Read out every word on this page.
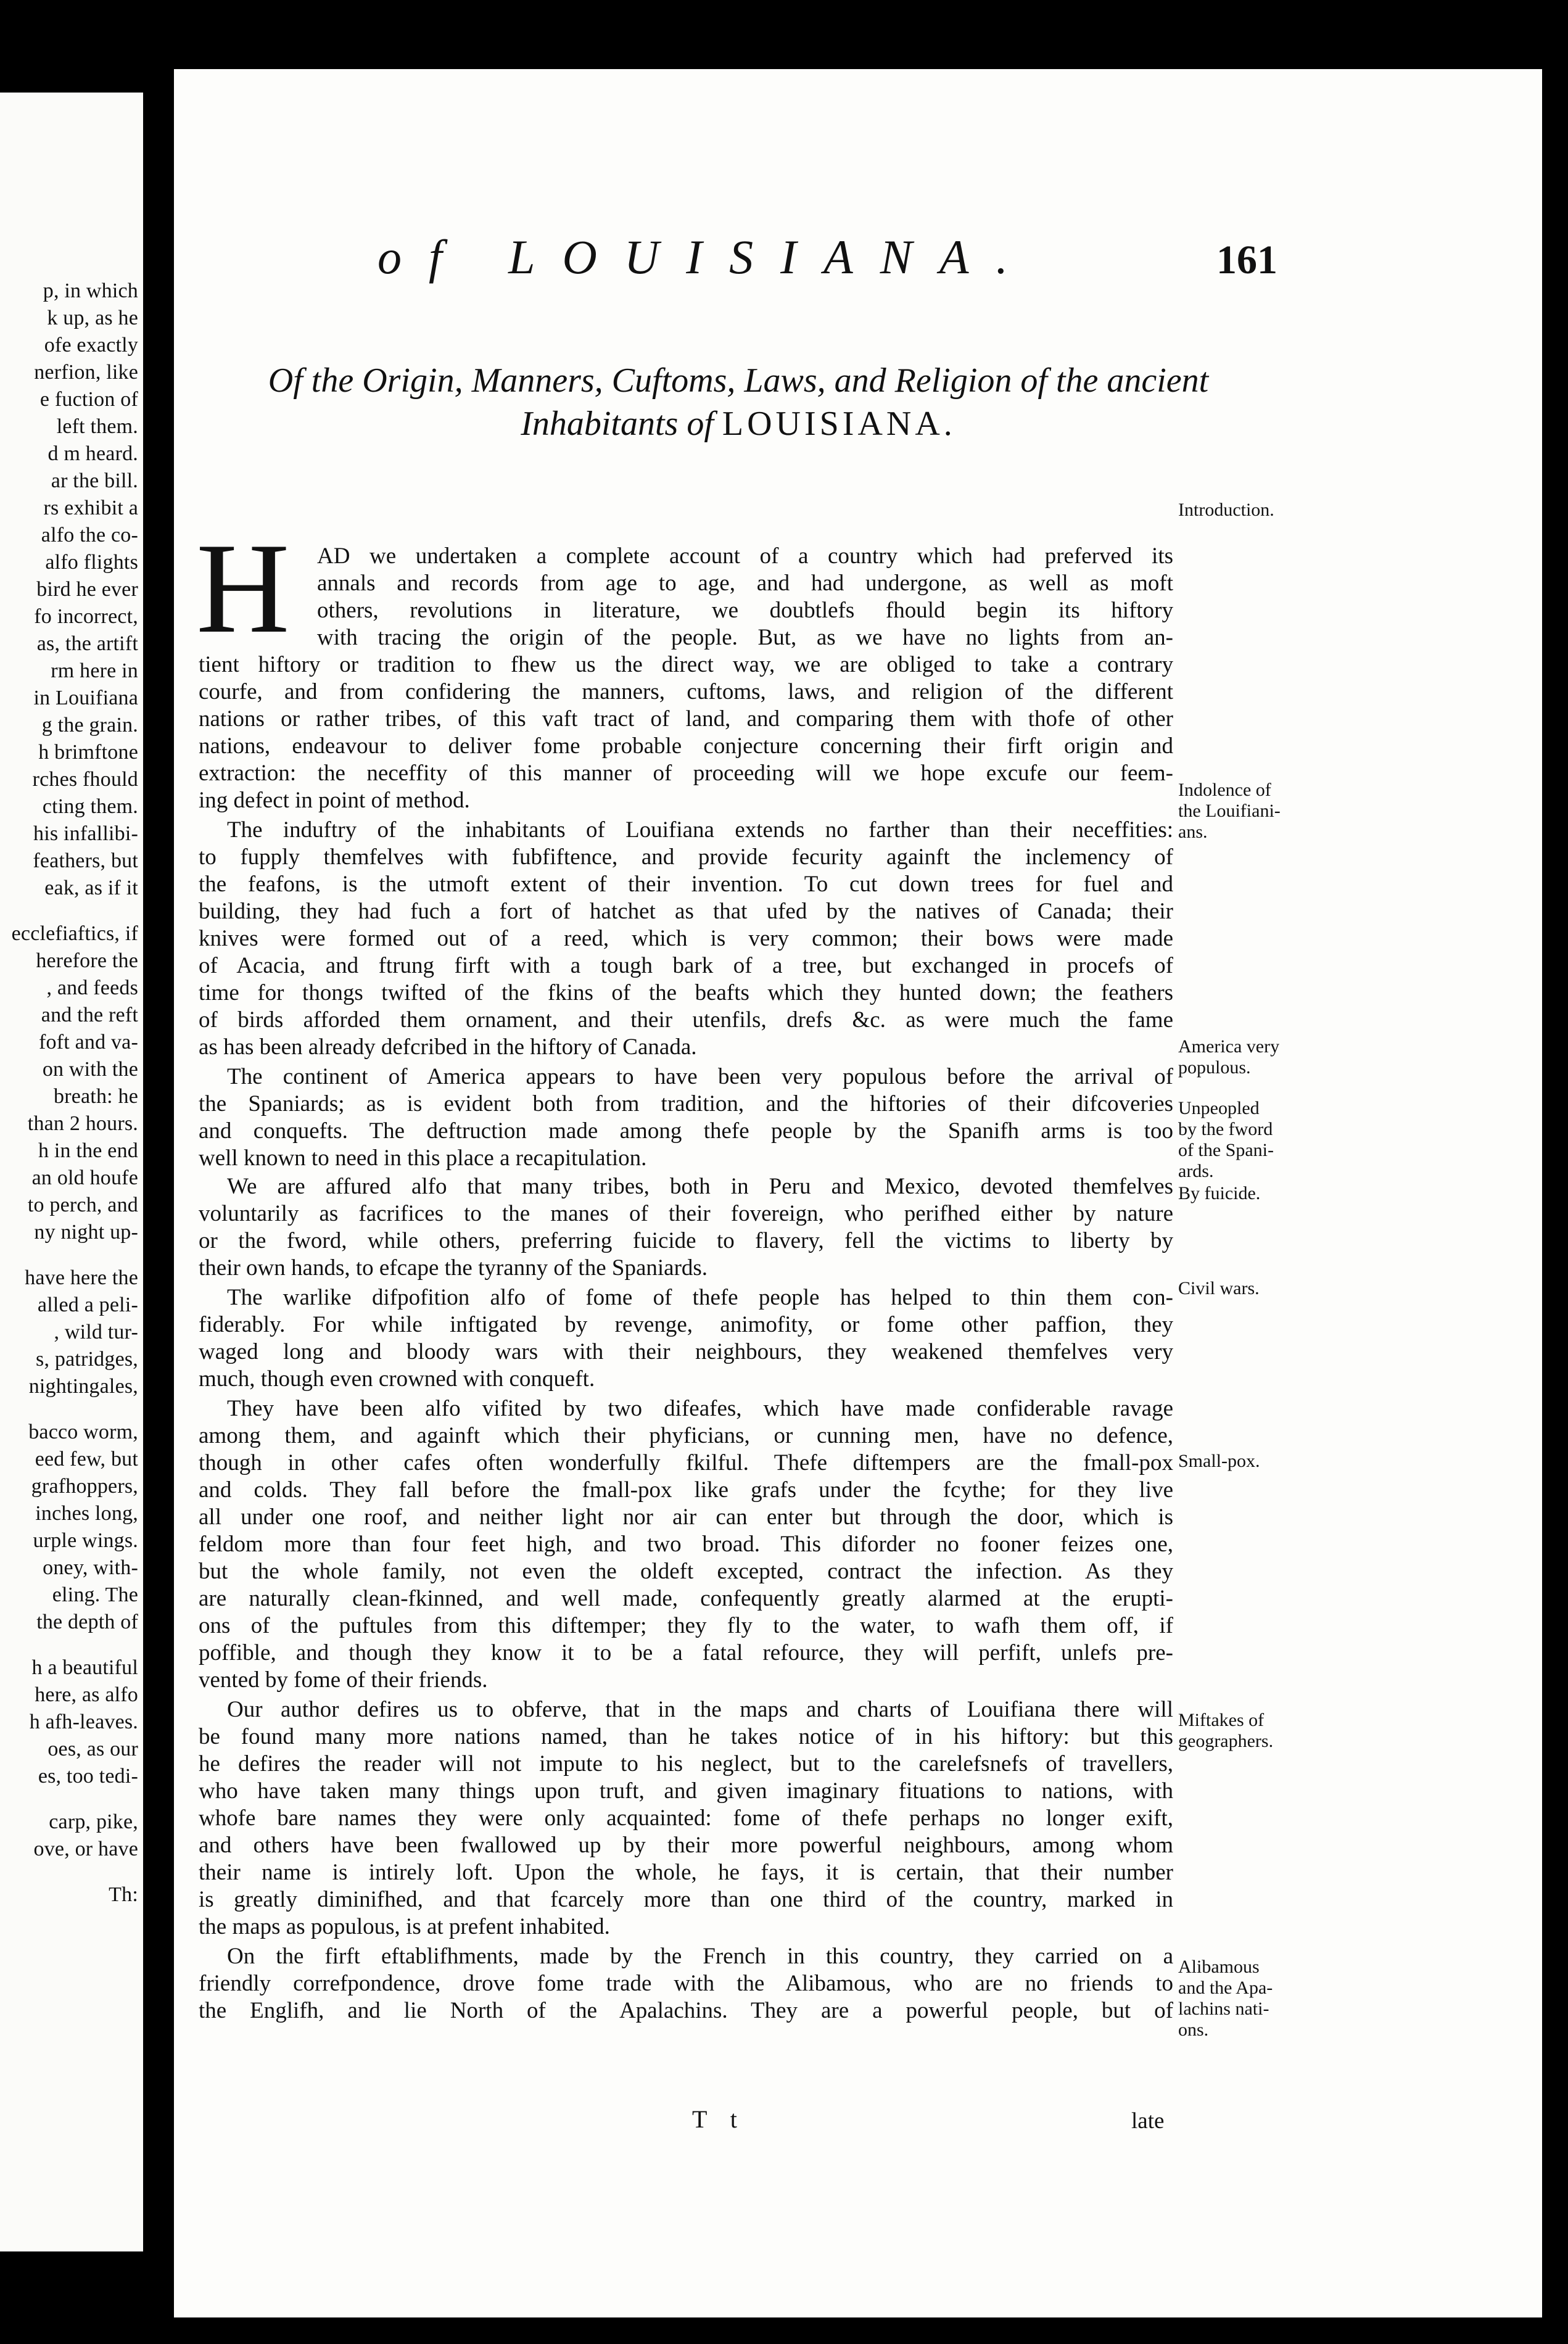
p, in which
k up, as he
ofe exactly
nerfion, like
e fuction of
left them.
d m heard.
ar the bill.
rs exhibit a
alfo the co-
alfo flights
bird he ever
fo incorrect,
as, the artift
rm here in
in Louifiana
g the grain.
h brimftone
rches fhould
cting them.
his infallibi-
feathers, but
eak, as if it
ecclefiaftics, if
herefore the
, and feeds
and the reft
foft and va-
on with the
breath: he
than 2 hours.
h in the end
an old houfe
to perch, and
ny night up-
have here the
alled a peli-
, wild tur-
s, patridges,
nightingales,
bacco worm,
eed few, but
grafhoppers,
inches long,
urple wings.
oney, with-
eling. The
the depth of
h a beautiful
here, as alfo
h afh-leaves.
oes, as our
es, too tedi-
carp, pike,
ove, or have
Th:
of LOUISIANA.	161
Of the Origin, Manners, Cuftoms, Laws, and Religion of the ancient
Inhabitants of LOUISIANA.
H AD we undertaken a complete account of a country which had preferved its
annals and records from age to age, and had undergone, as well as moft
others, revolutions in literature, we doubtlefs fhould begin its hiftory
with tracing the origin of the people. But, as we have no lights from an-
tient hiftory or tradition to fhew us the direct way, we are obliged to take a contrary
courfe, and from confidering the manners, cuftoms, laws, and religion of the different
nations or rather tribes, of this vaft tract of land, and comparing them with thofe of other
nations, endeavour to deliver fome probable conjecture concerning their firft origin and
extraction: the neceffity of this manner of proceeding will we hope excufe our feem-
ing defect in point of method.
The induftry of the inhabitants of Louifiana extends no farther than their neceffities:
to fupply themfelves with fubfiftence, and provide fecurity againft the inclemency of
the feafons, is the utmoft extent of their invention. To cut down trees for fuel and
building, they had fuch a fort of hatchet as that ufed by the natives of Canada; their
knives were formed out of a reed, which is very common; their bows were made
of Acacia, and ftrung firft with a tough bark of a tree, but exchanged in procefs of
time for thongs twifted of the fkins of the beafts which they hunted down; the feathers
of birds afforded them ornament, and their utenfils, drefs &c. as were much the fame
as has been already defcribed in the hiftory of Canada.
The continent of America appears to have been very populous before the arrival of
the Spaniards; as is evident both from tradition, and the hiftories of their difcoveries
and conquefts. The deftruction made among thefe people by the Spanifh arms is too
well known to need in this place a recapitulation.
We are affured alfo that many tribes, both in Peru and Mexico, devoted themfelves
voluntarily as facrifices to the manes of their fovereign, who perifhed either by nature
or the fword, while others, preferring fuicide to flavery, fell the victims to liberty by
their own hands, to efcape the tyranny of the Spaniards.
The warlike difpofition alfo of fome of thefe people has helped to thin them con-
fiderably. For while inftigated by revenge, animofity, or fome other paffion, they
waged long and bloody wars with their neighbours, they weakened themfelves very
much, though even crowned with conqueft.
They have been alfo vifited by two difeafes, which have made confiderable ravage
among them, and againft which their phyficians, or cunning men, have no defence,
though in other cafes often wonderfully fkilful. Thefe diftempers are the fmall-pox
and colds. They fall before the fmall-pox like grafs under the fcythe; for they live
all under one roof, and neither light nor air can enter but through the door, which is
feldom more than four feet high, and two broad. This diforder no fooner feizes one,
but the whole family, not even the oldeft excepted, contract the infection. As they
are naturally clean-fkinned, and well made, confequently greatly alarmed at the erupti-
ons of the puftules from this diftemper; they fly to the water, to wafh them off, if
poffible, and though they know it to be a fatal refource, they will perfift, unlefs pre-
vented by fome of their friends.
Our author defires us to obferve, that in the maps and charts of Louifiana there will
be found many more nations named, than he takes notice of in his hiftory: but this
he defires the reader will not impute to his neglect, but to the carelefsnefs of travellers,
who have taken many things upon truft, and given imaginary fituations to nations, with
whofe bare names they were only acquainted: fome of thefe perhaps no longer exift,
and others have been fwallowed up by their more powerful neighbours, among whom
their name is intirely loft. Upon the whole, he fays, it is certain, that their number
is greatly diminifhed, and that fcarcely more than one third of the country, marked in
the maps as populous, is at prefent inhabited.
On the firft eftablifhments, made by the French in this country, they carried on a
friendly correfpondence, drove fome trade with the Alibamous, who are no friends to
the Englifh, and lie North of the Apalachins. They are a powerful people, but of
Introduction.
Indolence of
the Louifiani-
ans.
America very
populous.
Unpeopled
by the fword
of the Spani-
ards.
By fuicide.
Civil wars.
Small-pox.
Miftakes of
geographers.
Alibamous
and the Apa-
lachins nati-
ons.
T t	late
